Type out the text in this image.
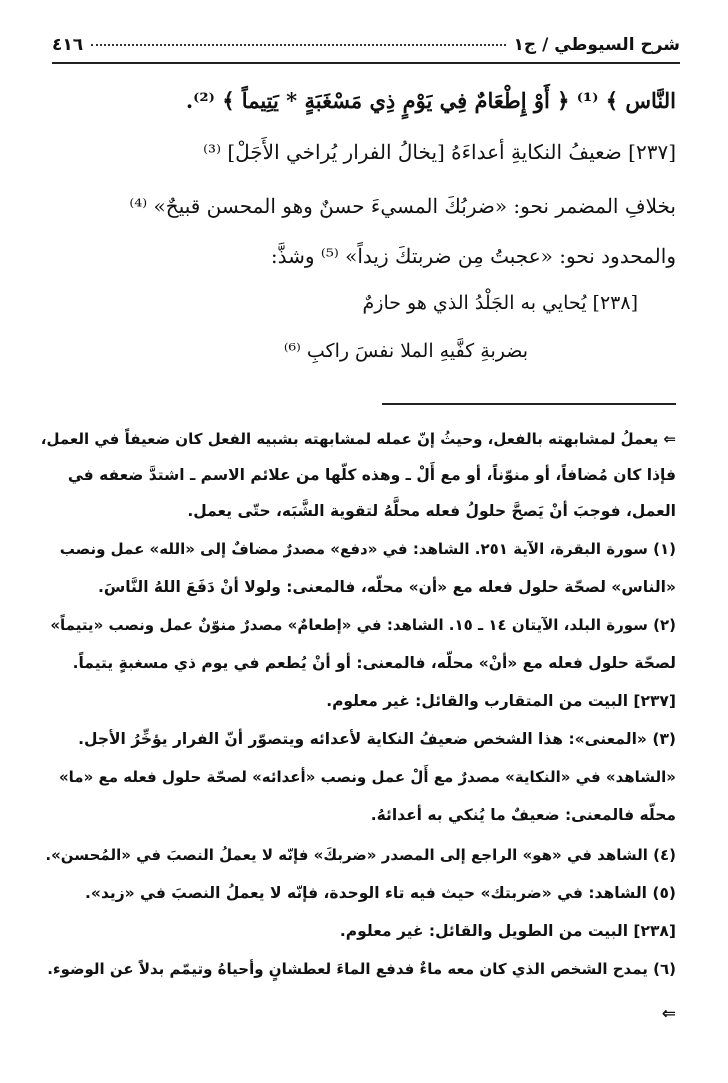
شرح السيوطي / ج١
٤١٦
النَّاس ﴾ ⁽¹⁾ ﴿ أَوْ إِطْعَامٌ فِي يَوْمٍ ذِي مَسْغَبَةٍ * يَتِيماً ﴾ ⁽²⁾.
[٢٣٧] ضعيفُ النكايةِ أعداءَهُ [يخالُ الفرار يُراخي الأَجَلْ] ⁽³⁾
بخلافِ المضمر نحو: «ضربُكَ المسيءَ حسنٌ وهو المحسن قبيحٌ» ⁽⁴⁾
والمحدود نحو: «عجبتُ مِن ضربتكَ زيداً» ⁽⁵⁾ وشذَّ:
[٢٣٨] يُحايي به الجَلْدُ الذي هو حازمٌ
بضربةِ كفَّيهِ الملا نفسَ راكبِ ⁽⁶⁾
⇐ يعملُ لمشابهته بالفعل، وحيثُ إنّ عمله لمشابهته بشبيه الفعل كان ضعيفاً في العمل،
فإذا كان مُضافاً، أو منوّناً، أو مع أَلْ ـ وهذه كلّها من علائم الاسم ـ اشتدَّ ضعفه في
العمل، فوجبَ أنْ يَصحَّ حلولُ فعله محلَّهُ لتقوية الشَّبَه، حتّى يعمل.
(١) سورة البقرة، الآية ٢٥١. الشاهد: في «دفع» مصدرٌ مضافٌ إلى «الله» عمل ونصب
«الناس» لصحّة حلول فعله مع «أن» محلّه، فالمعنى: ولولا أنْ دَفَعَ اللهُ النَّاسَ.
(٢) سورة البلد، الآيتان ١٤ ـ ١٥. الشاهد: في «إطعامٌ» مصدرٌ منوّنٌ عمل ونصب «يتيماً»
لصحّة حلول فعله مع «أنْ» محلّه، فالمعنى: أو أنْ يُطعم في يوم ذي مسغبةٍ يتيماً.
[٢٣٧] البيت من المتقارب والقائل: غير معلوم.
(٣) «المعنى»: هذا الشخص ضعيفُ النكاية لأعدائه ويتصوّر أنّ الفرار يؤخِّرُ الأجل.
«الشاهد» في «النكاية» مصدرٌ مع أَلْ عمل ونصب «أعدائه» لصحّة حلول فعله مع «ما»
محلّه فالمعنى: ضعيفٌ ما يُنكي به أعدائهُ.
(٤) الشاهد في «هو» الراجع إلى المصدر «ضربكَ» فإنّه لا يعملُ النصبَ في «المُحسن».
(٥) الشاهد: في «ضربتك» حيث فيه تاء الوحدة، فإنّه لا يعملُ النصبَ في «زيد».
[٢٣٨] البيت من الطويل والقائل: غير معلوم.
(٦) يمدح الشخص الذي كان معه ماءٌ فدفع الماءَ لعطشانٍ وأحياهُ وتيمّم بدلاً عن الوضوء.
⇐
